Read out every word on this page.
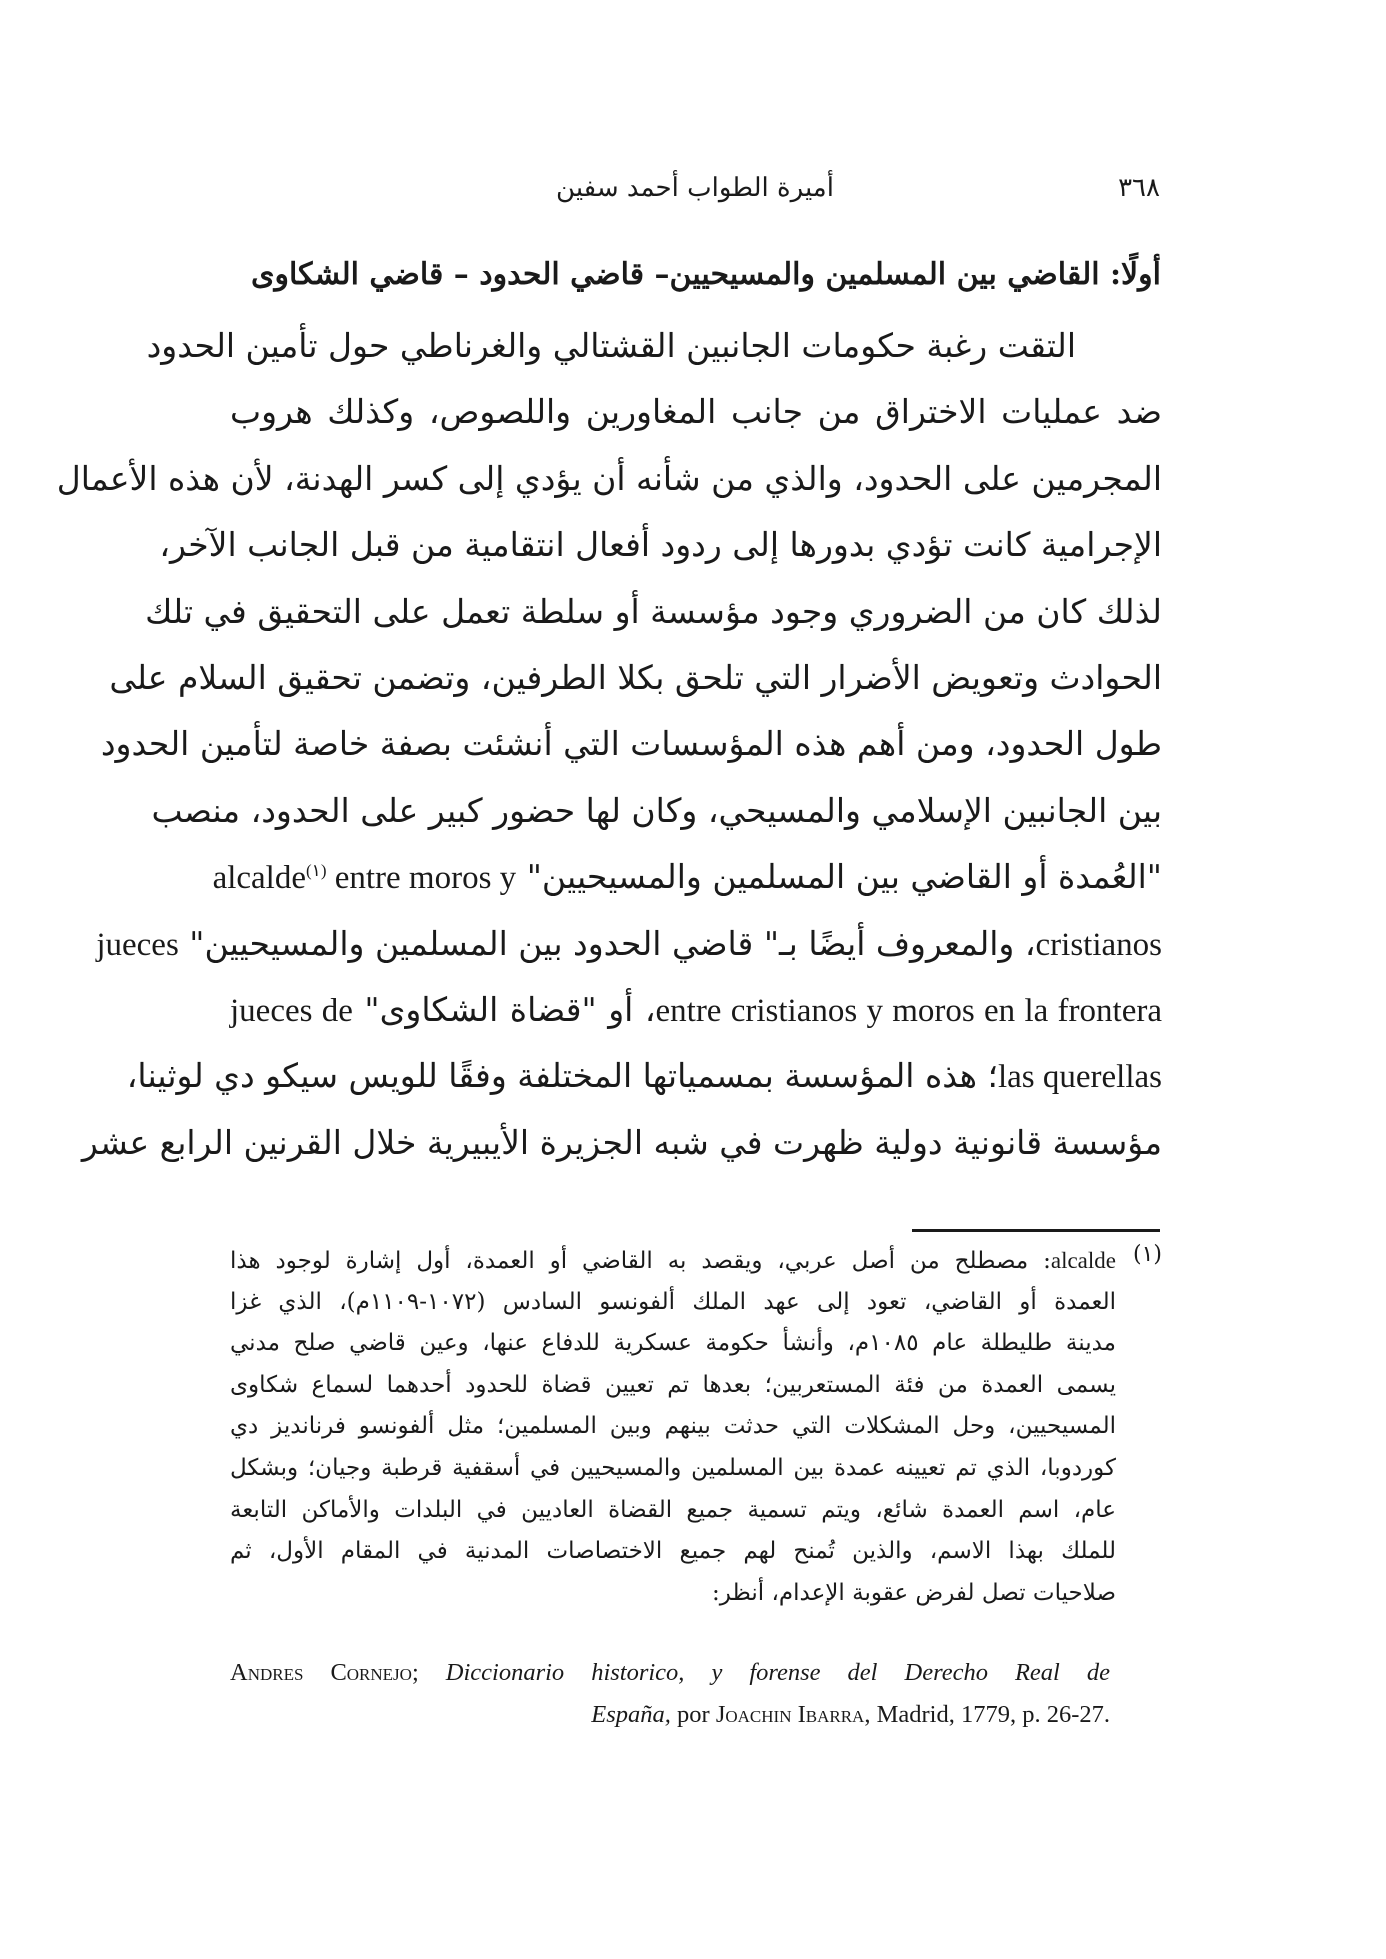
٣٦٨
أميرة الطواب أحمد سفين
أولًا: القاضي بين المسلمين والمسيحيين– قاضي الحدود – قاضي الشكاوى
التقت رغبة حكومات الجانبين القشتالي والغرناطي حول تأمين الحدود
ضد عمليات الاختراق من جانب المغاورين واللصوص، وكذلك هروب
المجرمين على الحدود، والذي من شأنه أن يؤدي إلى كسر الهدنة، لأن هذه الأعمال
الإجرامية كانت تؤدي بدورها إلى ردود أفعال انتقامية من قبل الجانب الآخر،
لذلك كان من الضروري وجود مؤسسة أو سلطة تعمل على التحقيق في تلك
الحوادث وتعويض الأضرار التي تلحق بكلا الطرفين، وتضمن تحقيق السلام على
طول الحدود، ومن أهم هذه المؤسسات التي أنشئت بصفة خاصة لتأمين الحدود
بين الجانبين الإسلامي والمسيحي، وكان لها حضور كبير على الحدود، منصب
"العُمدة أو القاضي بين المسلمين والمسيحيين" alcalde$^{(١)}$ entre moros y
cristianos، والمعروف أيضًا بـ" قاضي الحدود بين المسلمين والمسيحيين" jueces
entre cristianos y moros en la frontera، أو "قضاة الشكاوى" jueces de
las querellas؛ هذه المؤسسة بمسمياتها المختلفة وفقًا للويس سيكو دي لوثينا،
مؤسسة قانونية دولية ظهرت في شبه الجزيرة الأيبيرية خلال القرنين الرابع عشر
(١)alcalde: مصطلح من أصل عربي، ويقصد به القاضي أو العمدة، أول إشارة لوجود هذا
العمدة أو القاضي، تعود إلى عهد الملك ألفونسو السادس (١٠٧٢-١١٠٩م)، الذي غزا
مدينة طليطلة عام ١٠٨٥م، وأنشأ حكومة عسكرية للدفاع عنها، وعين قاضي صلح مدني
يسمى العمدة من فئة المستعربين؛ بعدها تم تعيين قضاة للحدود أحدهما لسماع شكاوى
المسيحيين، وحل المشكلات التي حدثت بينهم وبين المسلمين؛ مثل ألفونسو فرنانديز دي
كوردوبا، الذي تم تعيينه عمدة بين المسلمين والمسيحيين في أسقفية قرطبة وجيان؛ وبشكل
عام، اسم العمدة شائع، ويتم تسمية جميع القضاة العاديين في البلدات والأماكن التابعة
للملك بهذا الاسم، والذين تُمنح لهم جميع الاختصاصات المدنية في المقام الأول، ثم
صلاحيات تصل لفرض عقوبة الإعدام، أنظر:
Andres Cornejo; Diccionario historico, y forense del Derecho Real de
España, por Joachin Ibarra, Madrid, 1779, p. 26-27.
